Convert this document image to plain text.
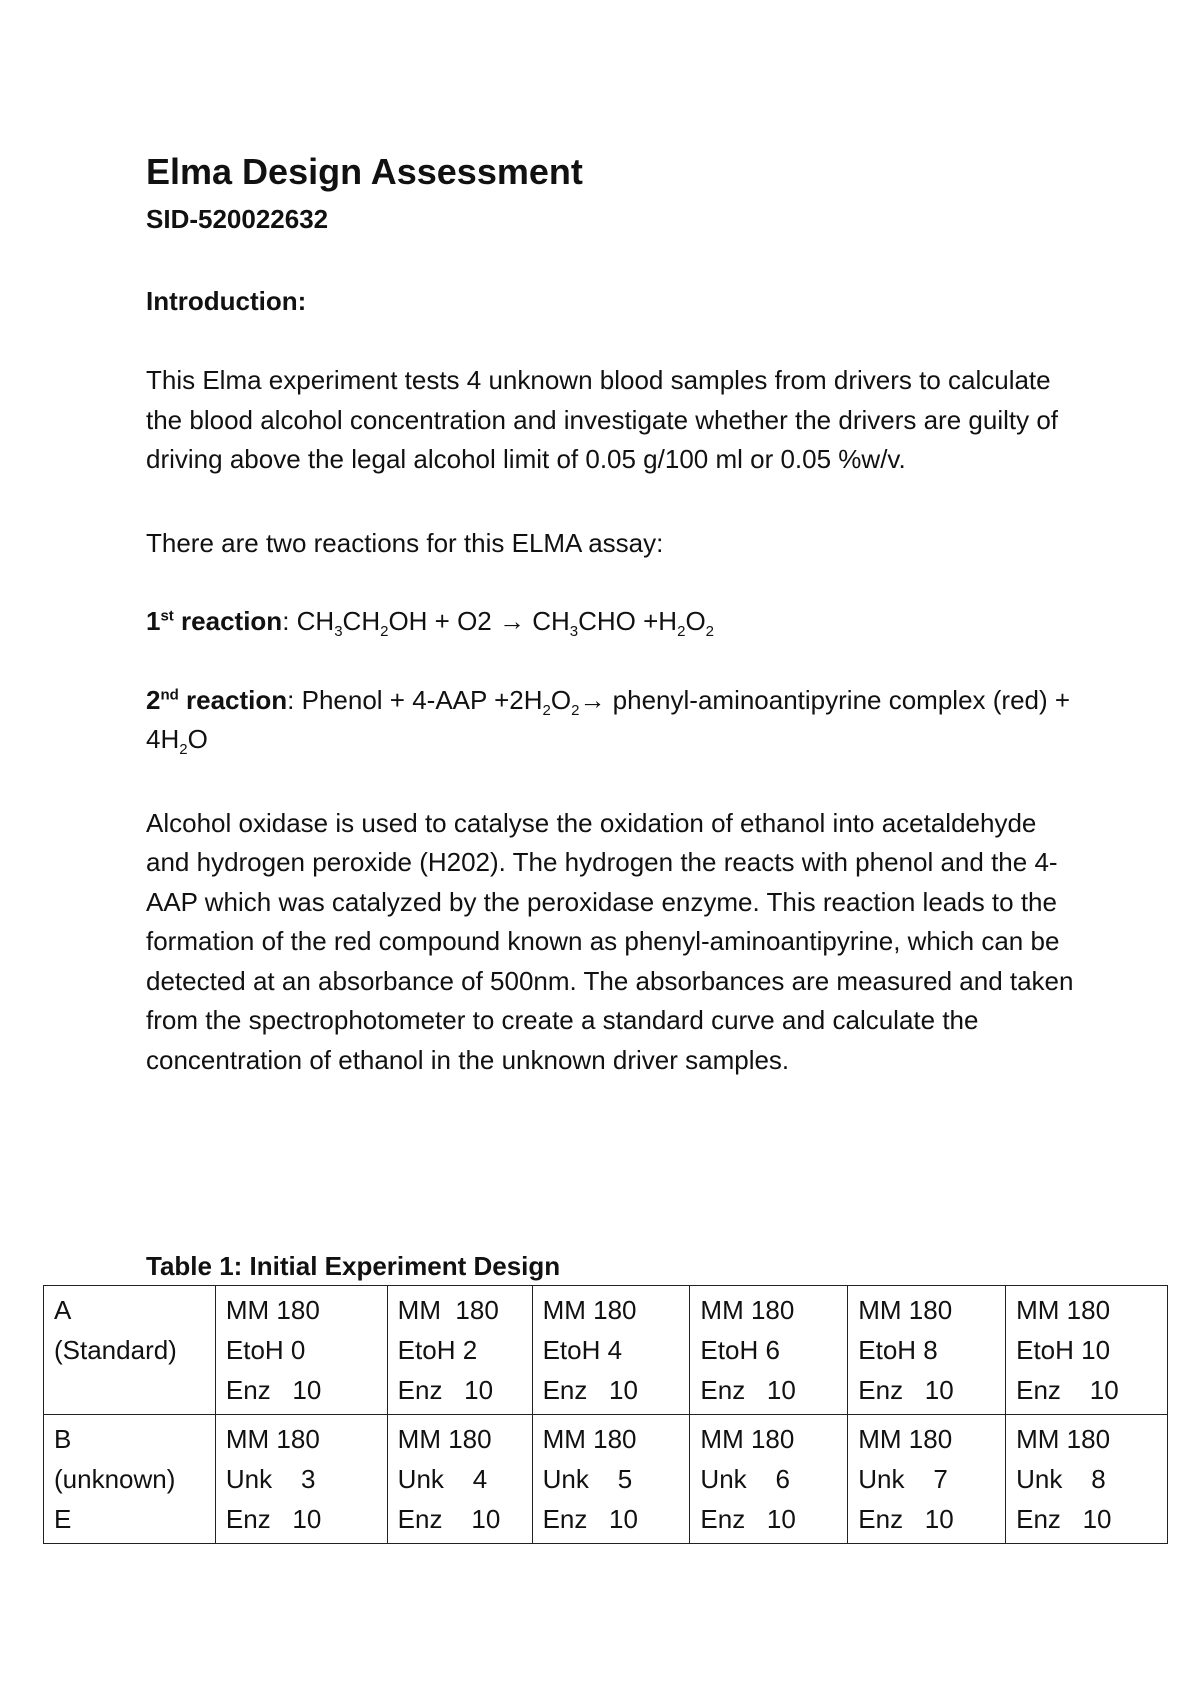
Elma Design Assessment
SID-520022632
Introduction:

This Elma experiment tests 4 unknown blood samples from drivers to calculate the blood alcohol concentration and investigate whether the drivers are guilty of driving above the legal alcohol limit of 0.05 g/100 ml or 0.05 %w/v.

There are two reactions for this ELMA assay:

1st reaction: $CH_3CH_2OH + O2 \to CH_3CHO +H_2O_2$

2nd reaction: Phenol + $4-AAP +2H_2O_2\to$ phenyl-aminoantipyrine complex $(red) + 4H_2O$

Alcohol oxidase is used to catalyse the oxidation of ethanol into acetaldehyde and hydrogen peroxide (H202). The hydrogen the reacts with phenol and the 4-AAP which was catalyzed by the peroxidase enzyme. This reaction leads to the formation of the red compound known as phenyl-aminoantipyrine, which can be detected at an absorbance of 500nm. The absorbances are measured and taken from the spectrophotometer to create a standard curve and calculate the concentration of ethanol in the unknown driver samples.

Table 1: Initial Experiment Design
A
(Standard)	MM 180
EtoH 0
Enz   10	MM  180
EtoH 2
Enz   10	MM 180
EtoH 4
Enz   10	MM 180
EtoH 6
Enz   10	MM 180
EtoH 8
Enz   10	MM 180
EtoH 10
Enz    10

B
(unknown)
E	MM 180
Unk    3
Enz   10	MM 180
Unk    4
Enz    10	MM 180
Unk    5
Enz   10	MM 180
Unk    6
Enz   10	MM 180
Unk    7
Enz   10	MM 180
Unk    8
Enz   10
